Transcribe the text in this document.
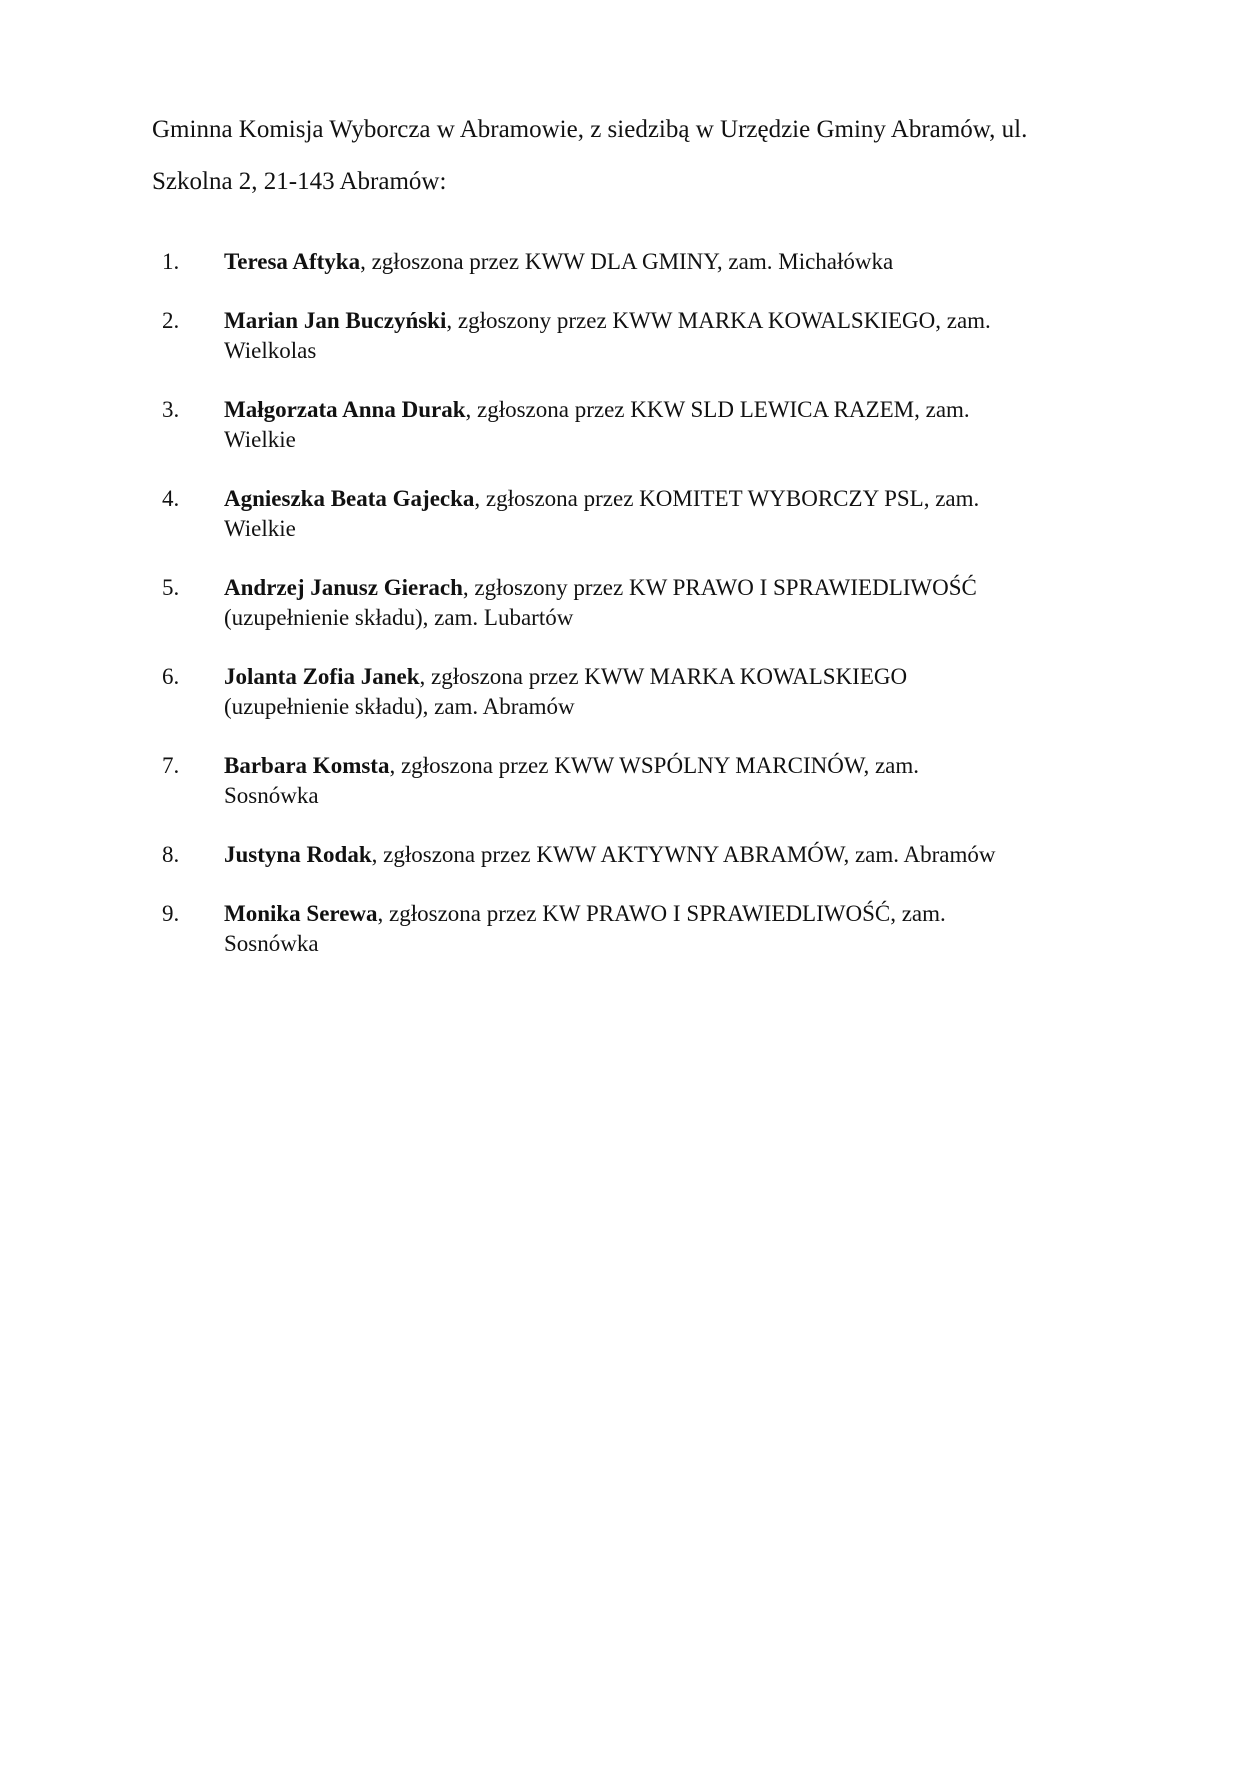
Gminna Komisja Wyborcza w Abramowie, z siedzibą w Urzędzie Gminy Abramów, ul.
Szkolna 2, 21-143 Abramów:
1. Teresa Aftyka, zgłoszona przez KWW DLA GMINY, zam. Michałówka
2. Marian Jan Buczyński, zgłoszony przez KWW MARKA KOWALSKIEGO, zam.
Wielkolas
3. Małgorzata Anna Durak, zgłoszona przez KKW SLD LEWICA RAZEM, zam.
Wielkie
4. Agnieszka Beata Gajecka, zgłoszona przez KOMITET WYBORCZY PSL, zam.
Wielkie
5. Andrzej Janusz Gierach, zgłoszony przez KW PRAWO I SPRAWIEDLIWOŚĆ
(uzupełnienie składu), zam. Lubartów
6. Jolanta Zofia Janek, zgłoszona przez KWW MARKA KOWALSKIEGO
(uzupełnienie składu), zam. Abramów
7. Barbara Komsta, zgłoszona przez KWW WSPÓLNY MARCINÓW, zam.
Sosnówka
8. Justyna Rodak, zgłoszona przez KWW AKTYWNY ABRAMÓW, zam. Abramów
9. Monika Serewa, zgłoszona przez KW PRAWO I SPRAWIEDLIWOŚĆ, zam.
Sosnówka
